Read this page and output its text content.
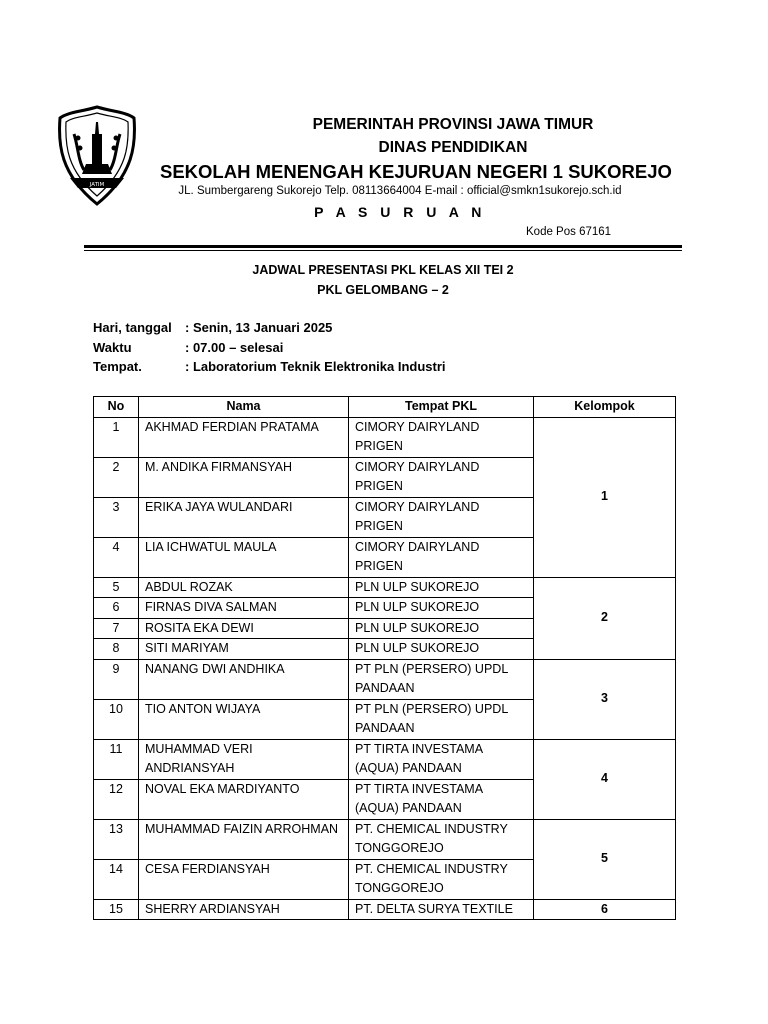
JATIM
PEMERINTAH PROVINSI JAWA TIMUR
DINAS PENDIDIKAN
SEKOLAH MENENGAH KEJURUAN NEGERI 1 SUKOREJO
JL. Sumbergareng Sukorejo Telp. 08113664004 E-mail : official@smkn1sukorejo.sch.id
P A S U R U A N
Kode Pos 67161
JADWAL PRESENTASI PKL KELAS XII TEI 2
PKL GELOMBANG – 2
Hari, tanggal : Senin, 13 Januari 2025
Waktu	: 07.00 – selesai
Tempat.	: Laboratorium Teknik Elektronika Industri
No	Nama	Tempat PKL	Kelompok
1	AKHMAD FERDIAN PRATAMA	CIMORY DAIRYLAND PRIGEN	1
2	M. ANDIKA FIRMANSYAH	CIMORY DAIRYLAND PRIGEN	
3	ERIKA JAYA WULANDARI	CIMORY DAIRYLAND PRIGEN	
4	LIA ICHWATUL MAULA	CIMORY DAIRYLAND PRIGEN	
5	ABDUL ROZAK	PLN ULP SUKOREJO	2
6	FIRNAS DIVA SALMAN	PLN ULP SUKOREJO	
7	ROSITA EKA DEWI	PLN ULP SUKOREJO	
8	SITI MARIYAM	PLN ULP SUKOREJO	
9	NANANG DWI ANDHIKA	PT PLN (PERSERO) UPDL PANDAAN	3
10	TIO ANTON WIJAYA	PT PLN (PERSERO) UPDL PANDAAN	
11	MUHAMMAD VERI ANDRIANSYAH	PT TIRTA INVESTAMA (AQUA) PANDAAN	4
12	NOVAL EKA MARDIYANTO	PT TIRTA INVESTAMA (AQUA) PANDAAN	
13	MUHAMMAD FAIZIN ARROHMAN	PT. CHEMICAL INDUSTRY TONGGOREJO	5
14	CESA FERDIANSYAH	PT. CHEMICAL INDUSTRY TONGGOREJO	
15	SHERRY ARDIANSYAH	PT. DELTA SURYA TEXTILE	6
